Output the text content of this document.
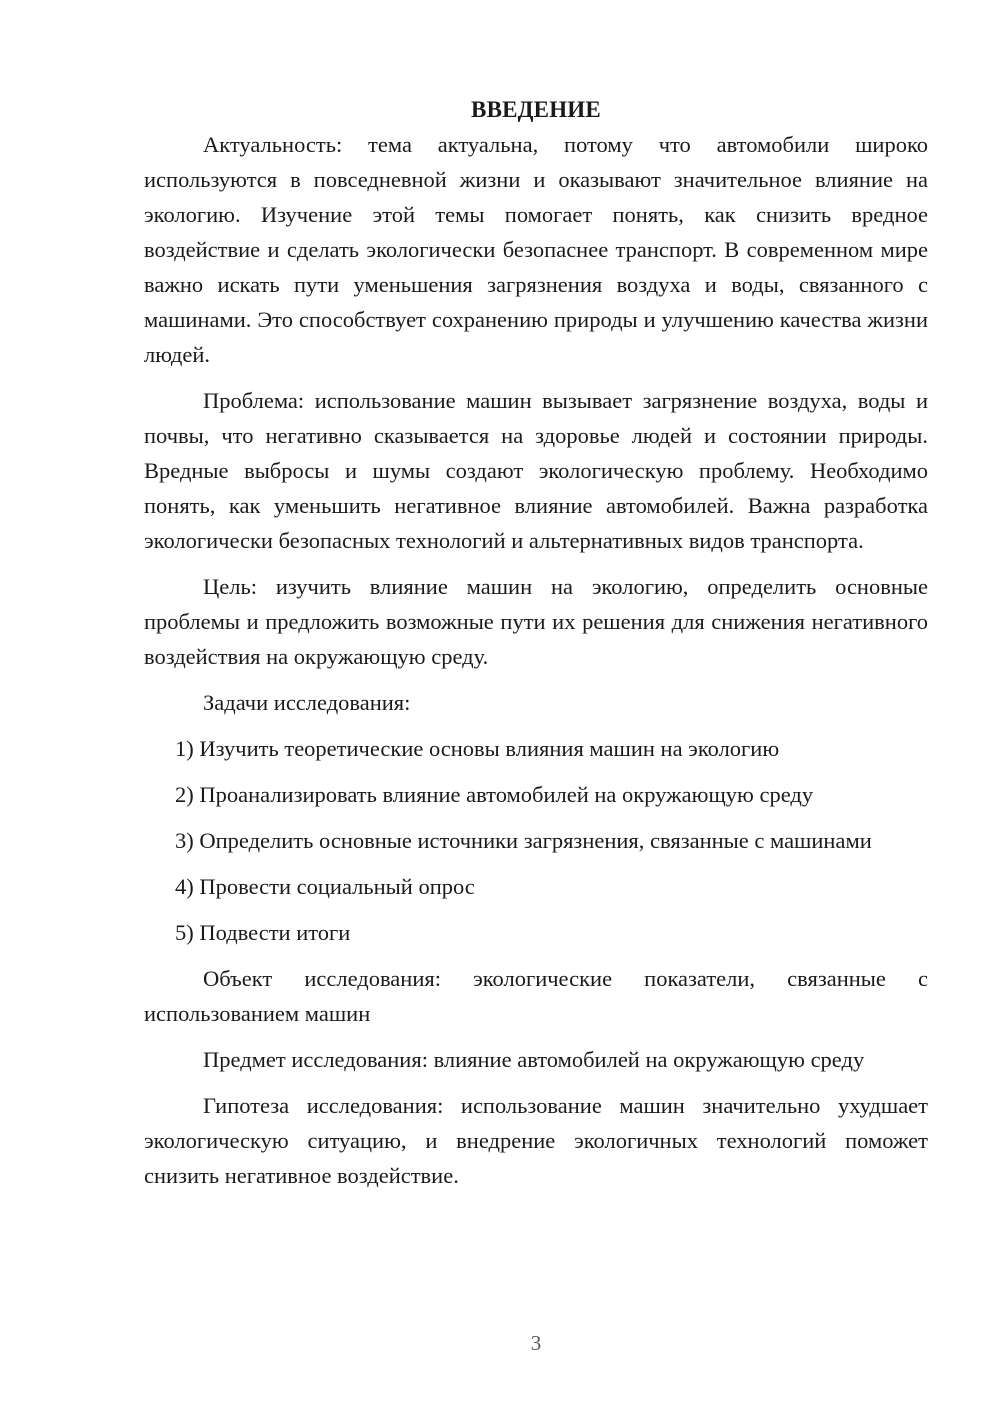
ВВЕДЕНИЕ

Актуальность: тема актуальна, потому что автомобили широко используются в повседневной жизни и оказывают значительное влияние на экологию. Изучение этой темы помогает понять, как снизить вредное воздействие и сделать экологически безопаснее транспорт. В современном мире важно искать пути уменьшения загрязнения воздуха и воды, связанного с машинами. Это способствует сохранению природы и улучшению качества жизни людей.

Проблема: использование машин вызывает загрязнение воздуха, воды и почвы, что негативно сказывается на здоровье людей и состоянии природы. Вредные выбросы и шумы создают экологическую проблему. Необходимо понять, как уменьшить негативное влияние автомобилей. Важна разработка экологически безопасных технологий и альтернативных видов транспорта.

Цель: изучить влияние машин на экологию, определить основные проблемы и предложить возможные пути их решения для снижения негативного воздействия на окружающую среду.

Задачи исследования:

1) Изучить теоретические основы влияния машин на экологию

2) Проанализировать влияние автомобилей на окружающую среду

3) Определить основные источники загрязнения, связанные с машинами

4) Провести социальный опрос

5) Подвести итоги

Объект исследования: экологические показатели, связанные с использованием машин

Предмет исследования: влияние автомобилей на окружающую среду

Гипотеза исследования: использование машин значительно ухудшает экологическую ситуацию, и внедрение экологичных технологий поможет снизить негативное воздействие.

3
